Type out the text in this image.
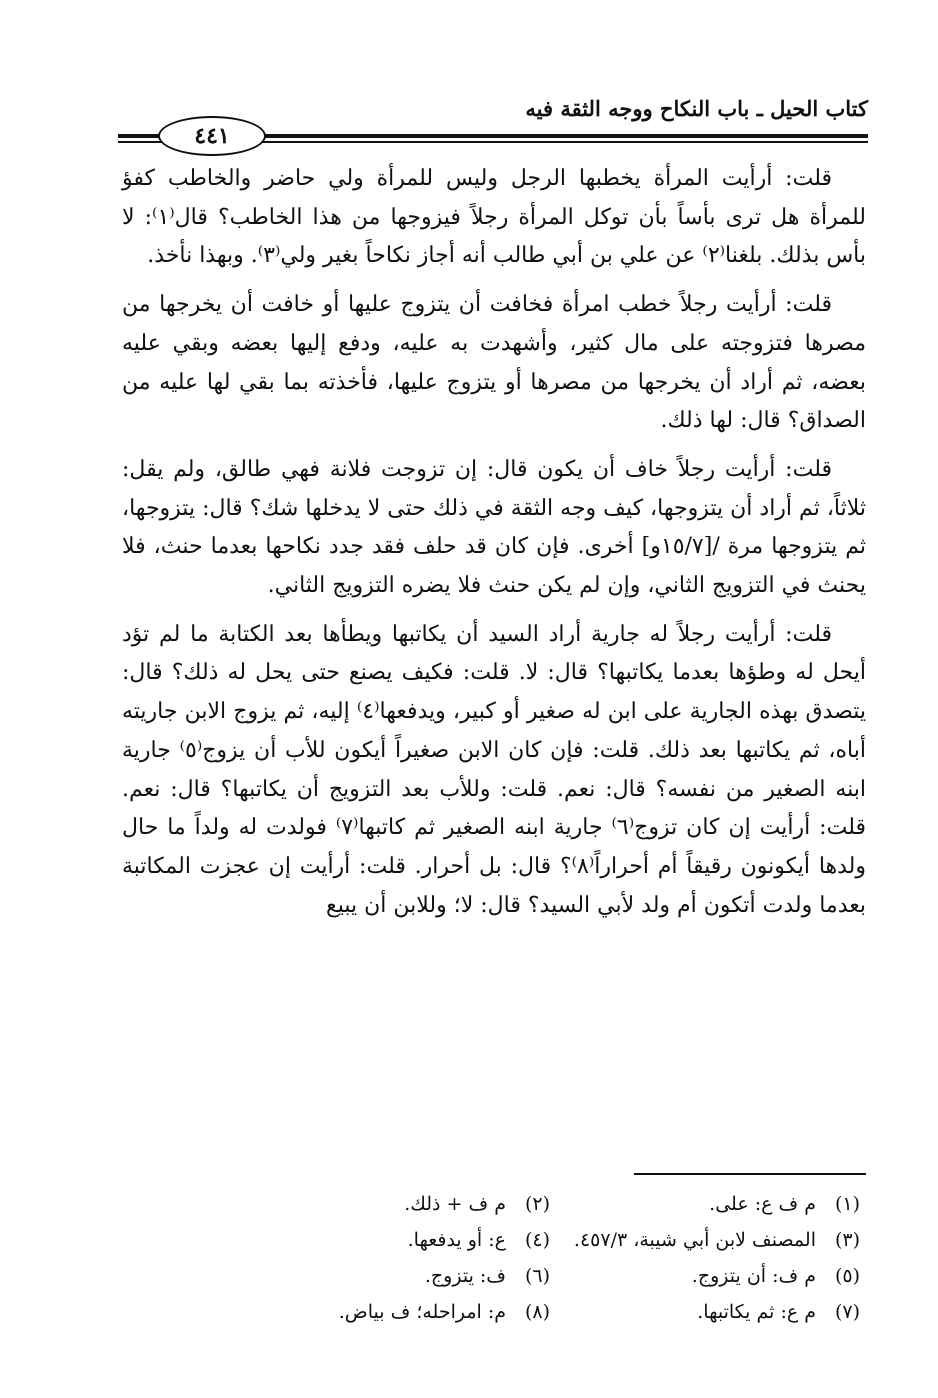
كتاب الحيل ـ باب النكاح ووجه الثقة فيه
٤٤١

قلت: أرأيت المرأة يخطبها الرجل وليس للمرأة ولي حاضر والخاطب كفؤ للمرأة هل ترى بأساً بأن توكل المرأة رجلاً فيزوجها من هذا الخاطب؟ قال⁽١⁾: لا بأس بذلك. بلغنا⁽٢⁾ عن علي بن أبي طالب أنه أجاز نكاحاً بغير ولي⁽٣⁾. وبهذا نأخذ.

قلت: أرأيت رجلاً خطب امرأة فخافت أن يتزوج عليها أو خافت أن يخرجها من مصرها فتزوجته على مال كثير، وأشهدت به عليه، ودفع إليها بعضه وبقي عليه بعضه، ثم أراد أن يخرجها من مصرها أو يتزوج عليها، فأخذته بما بقي لها عليه من الصداق؟ قال: لها ذلك.

قلت: أرأيت رجلاً خاف أن يكون قال: إن تزوجت فلانة فهي طالق، ولم يقل: ثلاثاً، ثم أراد أن يتزوجها، كيف وجه الثقة في ذلك حتى لا يدخلها شك؟ قال: يتزوجها، ثم يتزوجها مرة /[١٥/٧و] أخرى. فإن كان قد حلف فقد جدد نكاحها بعدما حنث، فلا يحنث في التزويج الثاني، وإن لم يكن حنث فلا يضره التزويج الثاني.

قلت: أرأيت رجلاً له جارية أراد السيد أن يكاتبها ويطأها بعد الكتابة ما لم تؤد أيحل له وطؤها بعدما يكاتبها؟ قال: لا. قلت: فكيف يصنع حتى يحل له ذلك؟ قال: يتصدق بهذه الجارية على ابن له صغير أو كبير، ويدفعها⁽٤⁾ إليه، ثم يزوج الابن جاريته أباه، ثم يكاتبها بعد ذلك. قلت: فإن كان الابن صغيراً أيكون للأب أن يزوج⁽٥⁾ جارية ابنه الصغير من نفسه؟ قال: نعم. قلت: وللأب بعد التزويج أن يكاتبها؟ قال: نعم. قلت: أرأيت إن كان تزوج⁽٦⁾ جارية ابنه الصغير ثم كاتبها⁽٧⁾ فولدت له ولداً ما حال ولدها أيكونون رقيقاً أم أحراراً⁽٨⁾؟ قال: بل أحرار. قلت: أرأيت إن عجزت المكاتبة بعدما ولدت أتكون أم ولد لأبي السيد؟ قال: لا؛ وللابن أن يبيع

(١)م ف ع: على.
(٢)م ف + ذلك.
(٣)المصنف لابن أبي شيبة، ٤٥٧/٣.
(٤)ع: أو يدفعها.
(٥)م ف: أن يتزوج.
(٦)ف: يتزوج.
(٧)م ع: ثم يكاتبها.
(٨)م: امراحله؛ ف بياض.
